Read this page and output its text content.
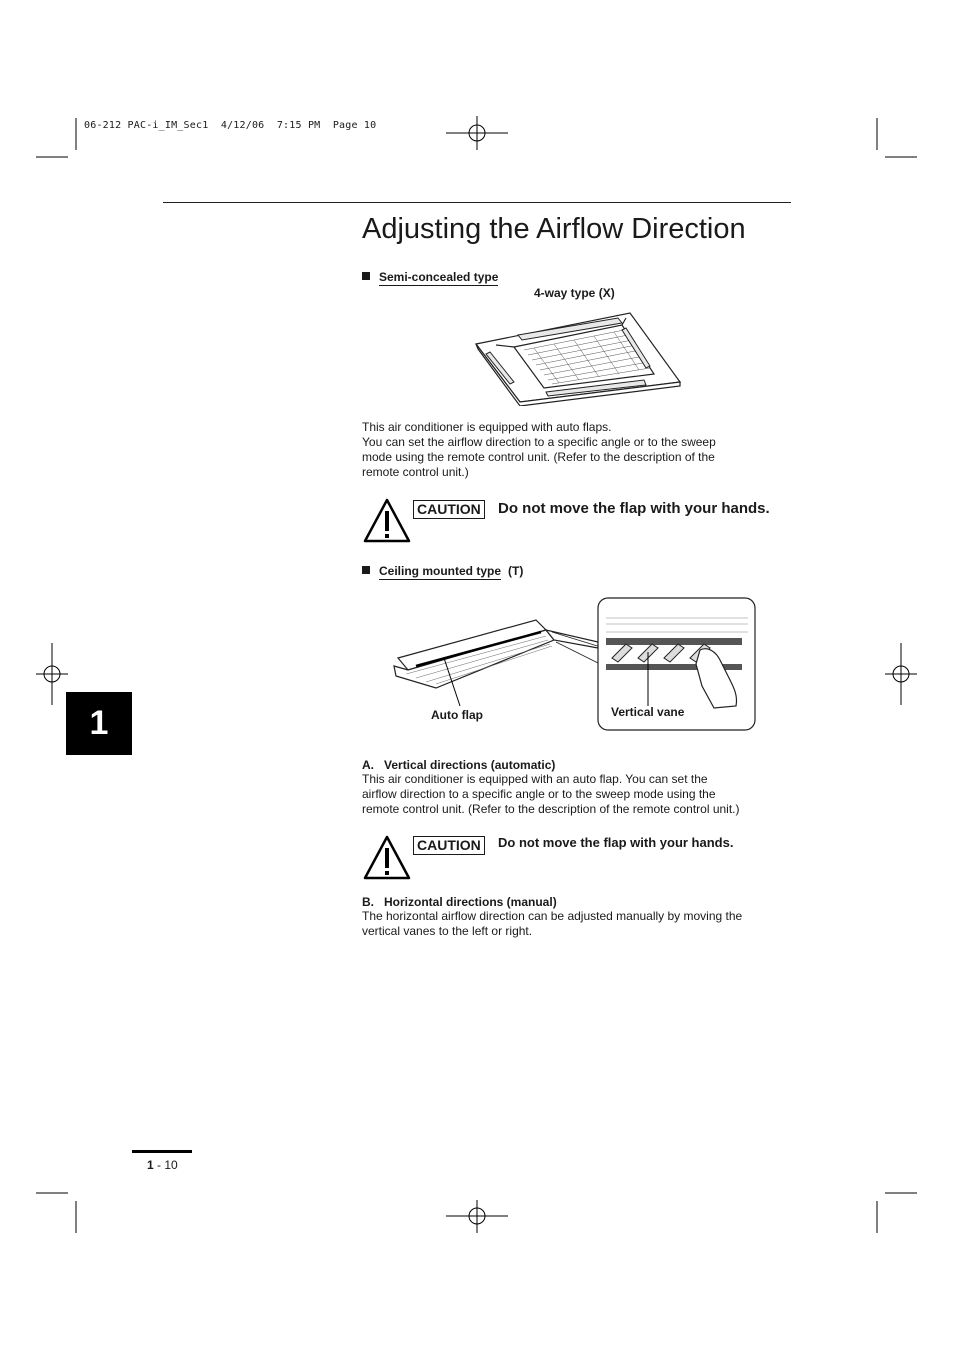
06-212 PAC-i_IM_Sec1  4/12/06  7:15 PM  Page 10
Adjusting the Airflow Direction
Semi-concealed type
4-way type (X)
This air conditioner is equipped with auto flaps.
You can set the airflow direction to a specific angle or to the sweep
mode using the remote control unit. (Refer to the description of the
remote control unit.)
CAUTION Do not move the flap with your hands.
Ceiling mounted type (T)
Auto flap	Vertical vane
A.   Vertical directions (automatic)
This air conditioner is equipped with an auto flap. You can set the
airflow direction to a specific angle or to the sweep mode using the
remote control unit. (Refer to the description of the remote control unit.)
CAUTION	Do not move the flap with your hands.
B.   Horizontal directions (manual)
The horizontal airflow direction can be adjusted manually by moving the
vertical vanes to the left or right.
1
1 - 10
